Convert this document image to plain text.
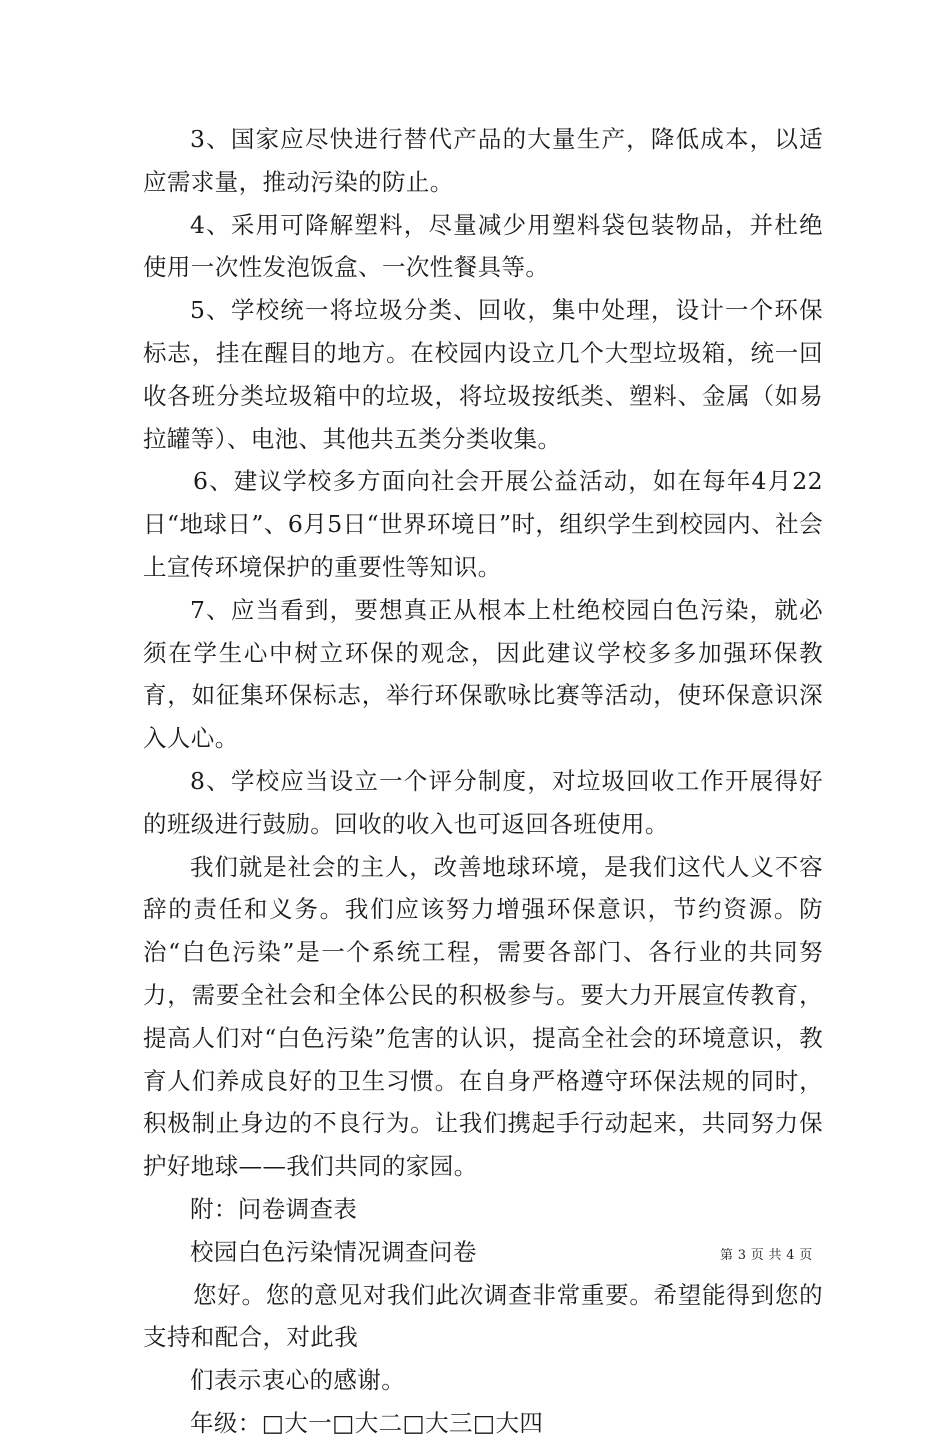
3、国家应尽快进行替代产品的大量生产，降低成本，以适应需求量，推动污染的防止。

4、采用可降解塑料，尽量减少用塑料袋包装物品，并杜绝使用一次性发泡饭盒、一次性餐具等。

5、学校统一将垃圾分类、回收，集中处理，设计一个环保标志，挂在醒目的地方。在校园内设立几个大型垃圾箱，统一回收各班分类垃圾箱中的垃圾，将垃圾按纸类、塑料、金属（如易拉罐等）、电池、其他共五类分类收集。

6、建议学校多方面向社会开展公益活动，如在每年4月22日“地球日”、6月5日“世界环境日”时，组织学生到校园内、社会上宣传环境保护的重要性等知识。

7、应当看到，要想真正从根本上杜绝校园白色污染，就必须在学生心中树立环保的观念，因此建议学校多多加强环保教育，如征集环保标志，举行环保歌咏比赛等活动，使环保意识深入人心。

8、学校应当设立一个评分制度，对垃圾回收工作开展得好的班级进行鼓励。回收的收入也可返回各班使用。

我们就是社会的主人，改善地球环境，是我们这代人义不容辞的责任和义务。我们应该努力增强环保意识，节约资源。防治“白色污染”是一个系统工程，需要各部门、各行业的共同努力，需要全社会和全体公民的积极参与。要大力开展宣传教育，提高人们对“白色污染”危害的认识，提高全社会的环境意识，教育人们养成良好的卫生习惯。在自身严格遵守环保法规的同时，积极制止身边的不良行为。让我们携起手行动起来，共同努力保护好地球——我们共同的家园。

附：问卷调查表

校园白色污染情况调查问卷

您好。您的意见对我们此次调查非常重要。希望能得到您的支持和配合，对此我

们表示衷心的感谢。

年级：□大一□大二□大三□大四

第 3 页 共 4 页
